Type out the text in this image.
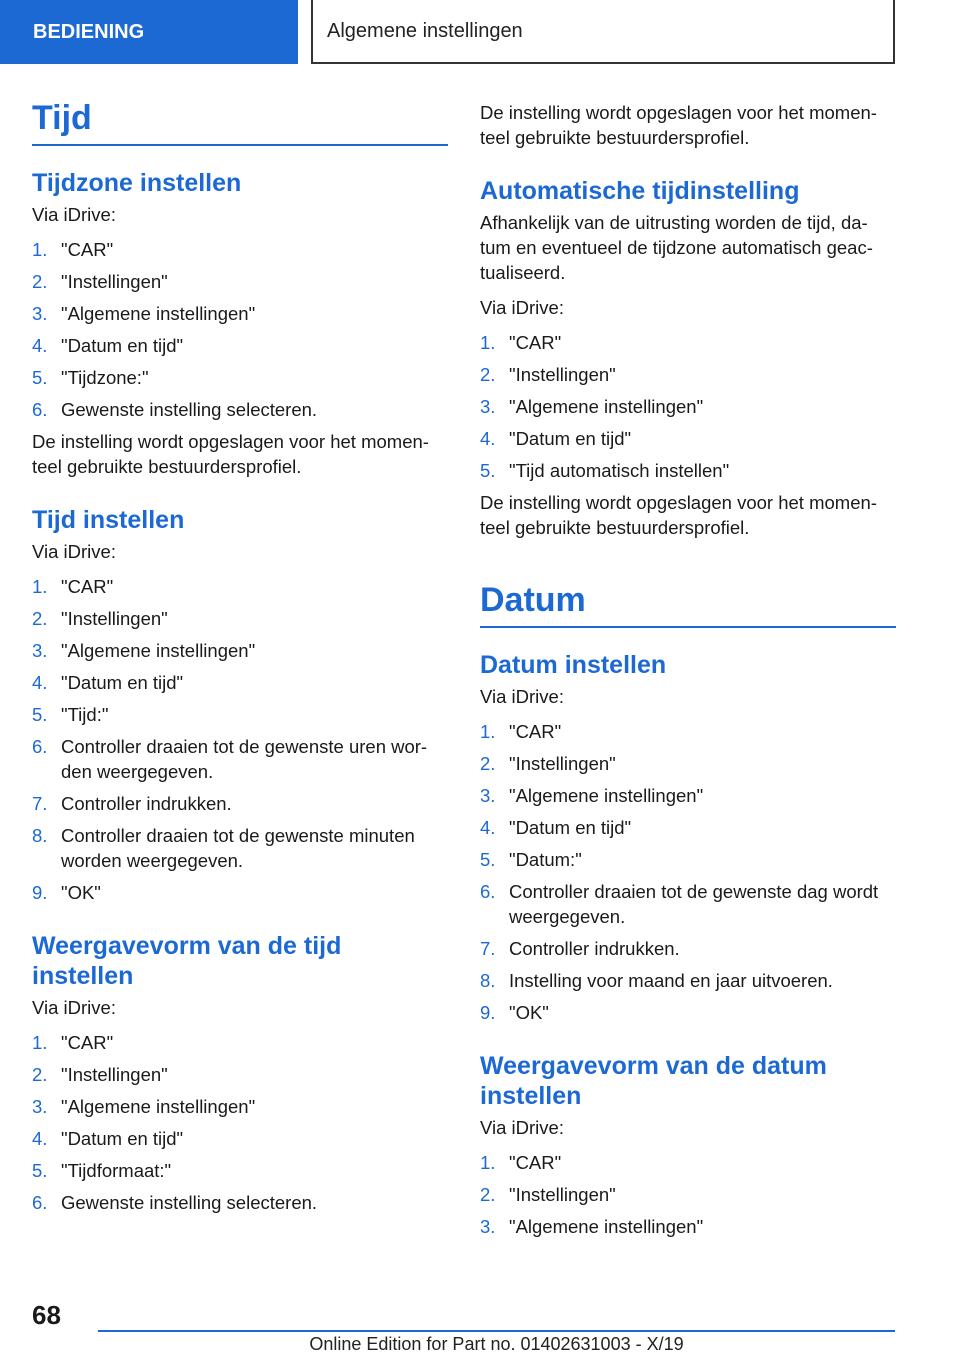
BEDIENING	Algemene instellingen
Tijd
Tijdzone instellen
Via iDrive:
1. "CAR"
2. "Instellingen"
3. "Algemene instellingen"
4. "Datum en tijd"
5. "Tijdzone:"
6. Gewenste instelling selecteren.
De instelling wordt opgeslagen voor het momen-teel gebruikte bestuurdersprofiel.
Tijd instellen
Via iDrive:
1. "CAR"
2. "Instellingen"
3. "Algemene instellingen"
4. "Datum en tijd"
5. "Tijd:"
6. Controller draaien tot de gewenste uren wor-den weergegeven.
7. Controller indrukken.
8. Controller draaien tot de gewenste minuten worden weergegeven.
9. "OK"
Weergavevorm van de tijd instellen
Via iDrive:
1. "CAR"
2. "Instellingen"
3. "Algemene instellingen"
4. "Datum en tijd"
5. "Tijdformaat:"
6. Gewenste instelling selecteren.
De instelling wordt opgeslagen voor het momen-teel gebruikte bestuurdersprofiel.
Automatische tijdinstelling
Afhankelijk van de uitrusting worden de tijd, da-tum en eventueel de tijdzone automatisch geac-tualiseerd.
Via iDrive:
1. "CAR"
2. "Instellingen"
3. "Algemene instellingen"
4. "Datum en tijd"
5. "Tijd automatisch instellen"
De instelling wordt opgeslagen voor het momen-teel gebruikte bestuurdersprofiel.
Datum
Datum instellen
Via iDrive:
1. "CAR"
2. "Instellingen"
3. "Algemene instellingen"
4. "Datum en tijd"
5. "Datum:"
6. Controller draaien tot de gewenste dag wordt weergegeven.
7. Controller indrukken.
8. Instelling voor maand en jaar uitvoeren.
9. "OK"
Weergavevorm van de datum instellen
Via iDrive:
1. "CAR"
2. "Instellingen"
3. "Algemene instellingen"
68
Online Edition for Part no. 01402631003 - X/19
